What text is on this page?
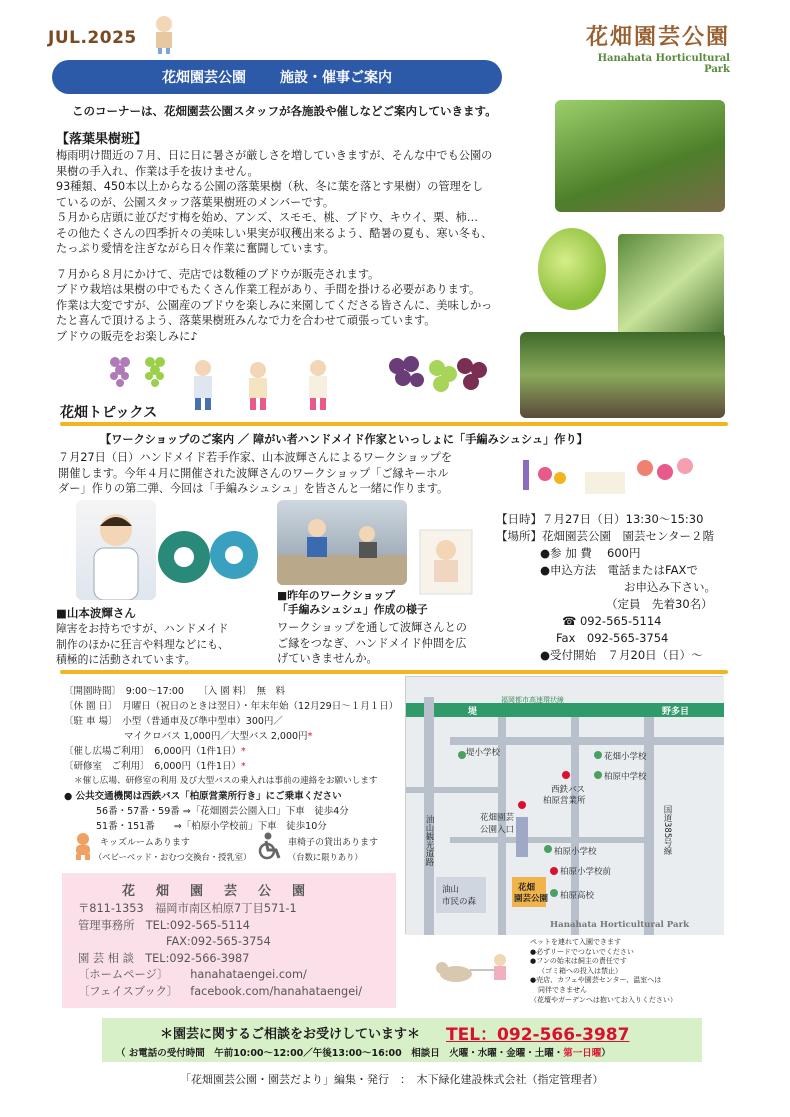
JUL.2025	花畑園芸公園
Hanahata Horticultural Park
花畑園芸公園 施設・催事ご案内
このコーナーは、花畑園芸公園スタッフが各施設や催しなどご案内していきます。
【落葉果樹班】
梅雨明け間近の７月、日に日に暑さが厳しさを増していきますが、そんな中でも公園の
果樹の手入れ、作業は手を抜けません。
93種類、450本以上からなる公園の落葉果樹（秋、冬に葉を落とす果樹）の管理をし
ているのが、公園スタッフ落葉果樹班のメンバーです。
５月から店頭に並びだす梅を始め、アンズ、スモモ、桃、ブドウ、キウイ、栗、柿…
その他たくさんの四季折々の美味しい果実が収穫出来るよう、酷暑の夏も、寒い冬も、
たっぷり愛情を注ぎながら日々作業に奮闘しています。
７月から８月にかけて、売店では数種のブドウが販売されます。
ブドウ栽培は果樹の中でもたくさん作業工程があり、手間を掛ける必要があります。
作業は大変ですが、公園産のブドウを楽しみに来園してくださる皆さんに、美味しかっ
たと喜んで頂けるよう、落葉果樹班みんなで力を合わせて頑張っています。
ブドウの販売をお楽しみに♪
花畑トピックス
【ワークショップのご案内 ／ 障がい者ハンドメイド作家といっしょに「手編みシュシュ」作り】
７月27日（日）ハンドメイド若手作家、山本波輝さんによるワークショップを
開催します。今年４月に開催された波輝さんのワークショップ「ご縁キーホル
ダー」作りの第二弾、今回は「手編みシュシュ」を皆さんと一緒に作ります。
■山本波輝さん
障害をお持ちですが、ハンドメイド
制作のほかに狂言や料理などにも、
積極的に活動されています。
■昨年のワークショップ
「手編みシュシュ」作成の様子
ワークショップを通して波輝さんとの
ご縁をつなぎ、ハンドメイド仲間を広
げていきませんか。
【日時】７月27日（日）13:30〜15:30
【場所】花畑園芸公園　園芸センター２階
●参 加 費　 600円
●申込方法　電話またはFAXで
お申込み下さい。
（定員　先着30名）
☎ 092-565-5114
Fax　092-565-3754
●受付開始　７月20日（日）〜
〔開園時間〕　9:00〜17:00　　〔入 園 料〕　無　料
〔休 園 日〕　月曜日（祝日のときは翌日）・年末年始（12月29日〜１月１日）
〔駐 車 場〕　小型（普通車及び準中型車）300円／
マイクロバス 1,000円／大型バス 2,000円*
〔催し広場ご利用〕　6,000円（1件1日）*
〔研修室　ご利用〕　6,000円（1件1日）*
＊催し広場、研修室の利用 及び大型バスの乗入れは事前の連絡をお願いします
● 公共交通機関は西鉄バス「柏原営業所行き」にご乗車ください
56番・57番・59番 ⇒「花畑園芸公園入口」下車　徒歩4分
51番・151番　　⇒「柏原小学校前」下車　徒歩10分
キッズルームあります
（ベビーベッド・おむつ交換台・授乳室）
車椅子の貸出あります
（台数に限りあり）
花　畑　園　芸　公　園
〒811-1353　福岡市南区柏原7丁目571-1
管理事務所　TEL:092-565-5114
FAX:092-565-3754
園 芸 相 談　TEL:092-566-3987
〔ホームページ〕 hanahataengei.com/
〔フェイスブック〕 facebook.com/hanahataengei/
福岡都市高速環状線
堤	野多目
堤小学校	花畑小学校
柏原中学校
西鉄バス
柏原営業所
花畑園芸
公園入口
柏原小学校
柏原小学校前
花畑
園芸公園 柏原高校
油山
市民の森
油山観光道路	国道385号線
Hanahata Horticultural Park
ペットを連れて入園できます
●必ずリードでつないでください
●フンの始末は飼主の責任です
（ゴミ箱への投入は禁止）
●売店、カフェや園芸センター、温室へは
同伴できません
（花壇やガーデンへは抱いてお入りください）
＊園芸に関するご相談をお受けしています＊ TEL：092-566-3987
（ お電話の受付時間　午前10:00〜12:00／午後13:00〜16:00　相談日　火曜・水曜・金曜・土曜・第一日曜）
「花畑園芸公園・園芸だより」編集・発行　：　木下緑化建設株式会社（指定管理者）
